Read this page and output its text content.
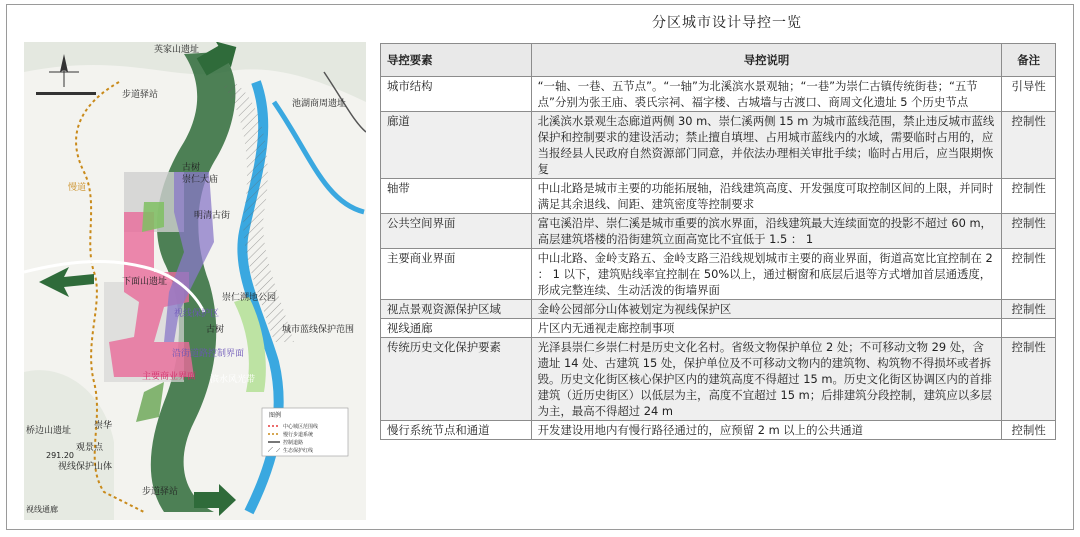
分区城市设计导控一览
英家山遗址
步道驿站
池湖商周遗址
慢道
古树
崇仁大庙
明清古街
下面山遗址
崇仁溯地公园
视线保护区
古树	城市蓝线保护范围
沿街道路控制界面
主要商业界面 滨水风光带
桥边山遗址	崇华
观景点
291.20
视线保护山体
步道驿站
视线通廊
图例
中心城区范围线
慢行步道系统
控制道路
生态保护红线
导控要素	导控说明	备注
城市结构	“一轴、一巷、五节点”。“一轴”为北溪滨水景观轴；“一巷”为崇仁古镇传统街巷；“五节点”分别为张王庙、裘氏宗祠、福字楼、古城墙与古渡口、商周文化遗址 5 个历史节点	引导性
廊道	北溪滨水景观生态廊道两侧 30 m、崇仁溪两侧 15 m 为城市蓝线范围，禁止违反城市蓝线保护和控制要求的建设活动；禁止擅自填埋、占用城市蓝线内的水域，需要临时占用的，应当报经县人民政府自然资源部门同意，并依法办理相关审批手续；临时占用后，应当限期恢复	控制性
轴带	中山北路是城市主要的功能拓展轴，沿线建筑高度、开发强度可取控制区间的上限，并同时满足其余退线、间距、建筑密度等控制要求	控制性
公共空间界面	富屯溪沿岸、崇仁溪是城市重要的滨水界面，沿线建筑最大连续面宽的投影不超过 60 m，高层建筑塔楼的沿街建筑立面高宽比不宜低于 1.5 ： 1	控制性
主要商业界面	中山北路、金岭支路五、金岭支路三沿线规划城市主要的商业界面，街道高宽比宜控制在 2 ： 1 以下，建筑贴线率宜控制在 50%以上，通过橱窗和底层后退等方式增加首层通透度，形成完整连续、生动活泼的街墙界面	控制性
视点景观资源保护区域	金岭公园部分山体被划定为视线保护区	控制性
视线通廊	片区内无通视走廊控制事项	
传统历史文化保护要素	光泽县崇仁乡崇仁村是历史文化名村。省级文物保护单位 2 处；不可移动文物 29 处，含遗址 14 处、古建筑 15 处，保护单位及不可移动文物内的建筑物、构筑物不得损坏或者拆毁。历史文化街区核心保护区内的建筑高度不得超过 15 m。历史文化街区协调区内的首排建筑（近历史街区）以低层为主，高度不宜超过 15 m；后排建筑分段控制，建筑应以多层为主，最高不得超过 24 m	控制性
慢行系统节点和通道	开发建设用地内有慢行路径通过的，应预留 2 m 以上的公共通道	控制性
